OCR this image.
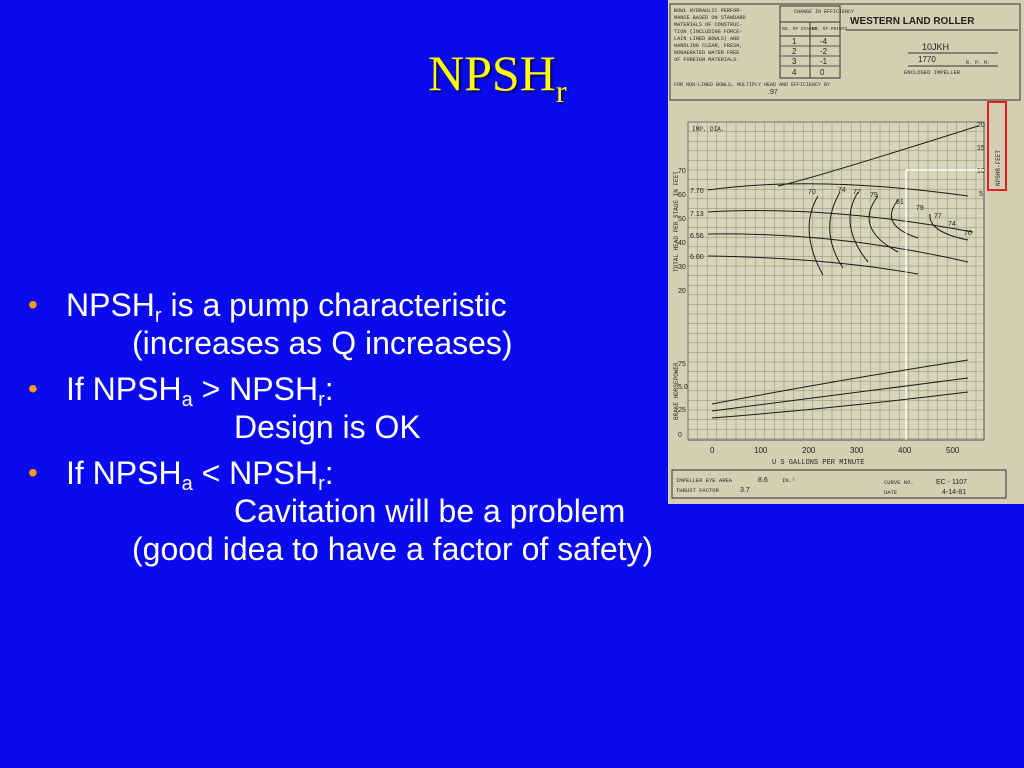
$NPSH_r$
• $NPSH_r$ is a pump characteristic
(increases as Q increases)
• If $NPSH_a$ > $NPSH_r$:
Design is OK
• If $NPSH_a$ < $NPSH_r$:
Cavitation will be a problem
(good idea to have a factor of safety)
BOWL HYDRAULIC PERFOR-
MANCE BASED ON STANDARD
MATERIALS OF CONSTRUC-
TION (INCLUDING FORCE-
LAIN LINED BOWLS) AND
HANDLING CLEAR, FRESH,
NONAERATED WATER FREE
OF FOREIGN MATERIALS.
CHANGE IN EFFICIENCY
NO. OF STAGES
NO. OF POINTS
1	-4
2	-2
3	-1
4	0
WESTERN LAND ROLLER
10JKH
1770	R. P. M.
ENCLOSED IMPELLER
FOR NON-LINED BOWLS, MULTIPLY HEAD AND EFFICIENCY BY
.97
IMP. DIA.
NPSHR-FEET
20
15
10
5
TOTAL HEAD PER STAGE IN FEET
70
60
50
40
30
20
7.70
7.13
6.56
6.00
70	74 77 79
81
79
77
74
70
BRAKE HORSEPOWER
75
5.0
25
0
0	100	200	300	400	500
U S GALLONS PER MINUTE
IMPELLER EYE AREA	8.6	IN.²
THRUST FACTOR	3.7
CURVE NO.	EC - 1107
DATE	4-14-81
